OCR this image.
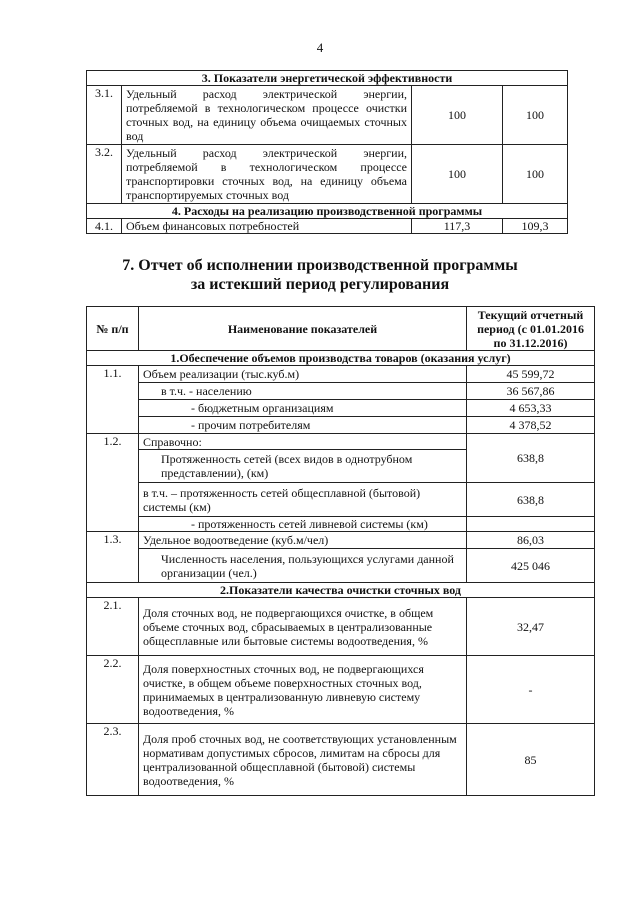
4
3. Показатели энергетической эффективности			
3.1.	Удельный расход электрической энергии, потребляемой в технологическом процессе очистки сточных вод, на единицу объема очищаемых сточных вод	100	100
3.2.	Удельный расход электрической энергии, потребляемой в технологическом процессе транспортировки сточных вод, на единицу объема транспортируемых сточных вод	100	100
4. Расходы на реализацию производственной программы			
4.1.	Объем финансовых потребностей	117,3	109,3
7. Отчет об исполнении производственной программы
за истекший период регулирования
№ п/п	Наименование показателей	Текущий отчетный период (с 01.01.2016 по 31.12.2016)
1.Обеспечение объемов производства товаров (оказания услуг)		
1.1.	Объем реализации (тыс.куб.м)	45 599,72
	в т.ч. - населению	36 567,86
	- бюджетным организациям	4 653,33
	- прочим потребителям	4 378,52
1.2.	Справочно:	638,8
	Протяженность сетей (всех видов в однотрубном представлении), (км)	
	в т.ч. – протяженность сетей общесплавной (бытовой) системы (км)	638,8
	- протяженность сетей ливневой системы (км)	
1.3.	Удельное водоотведение (куб.м/чел)	86,03
	Численность населения, пользующихся услугами данной организации (чел.)	425 046
2.Показатели качества очистки сточных вод		
2.1.	Доля сточных вод, не подвергающихся очистке, в общем объеме сточных вод, сбрасываемых в централизованные общесплавные или бытовые системы водоотведения, %	32,47
2.2.	Доля поверхностных сточных вод, не подвергающихся очистке, в общем объеме поверхностных сточных вод, принимаемых в централизованную ливневую систему водоотведения, %	-
2.3.	Доля проб сточных вод, не соответствующих установленным нормативам допустимых сбросов, лимитам на сбросы для централизованной общесплавной (бытовой) системы водоотведения, %	85
